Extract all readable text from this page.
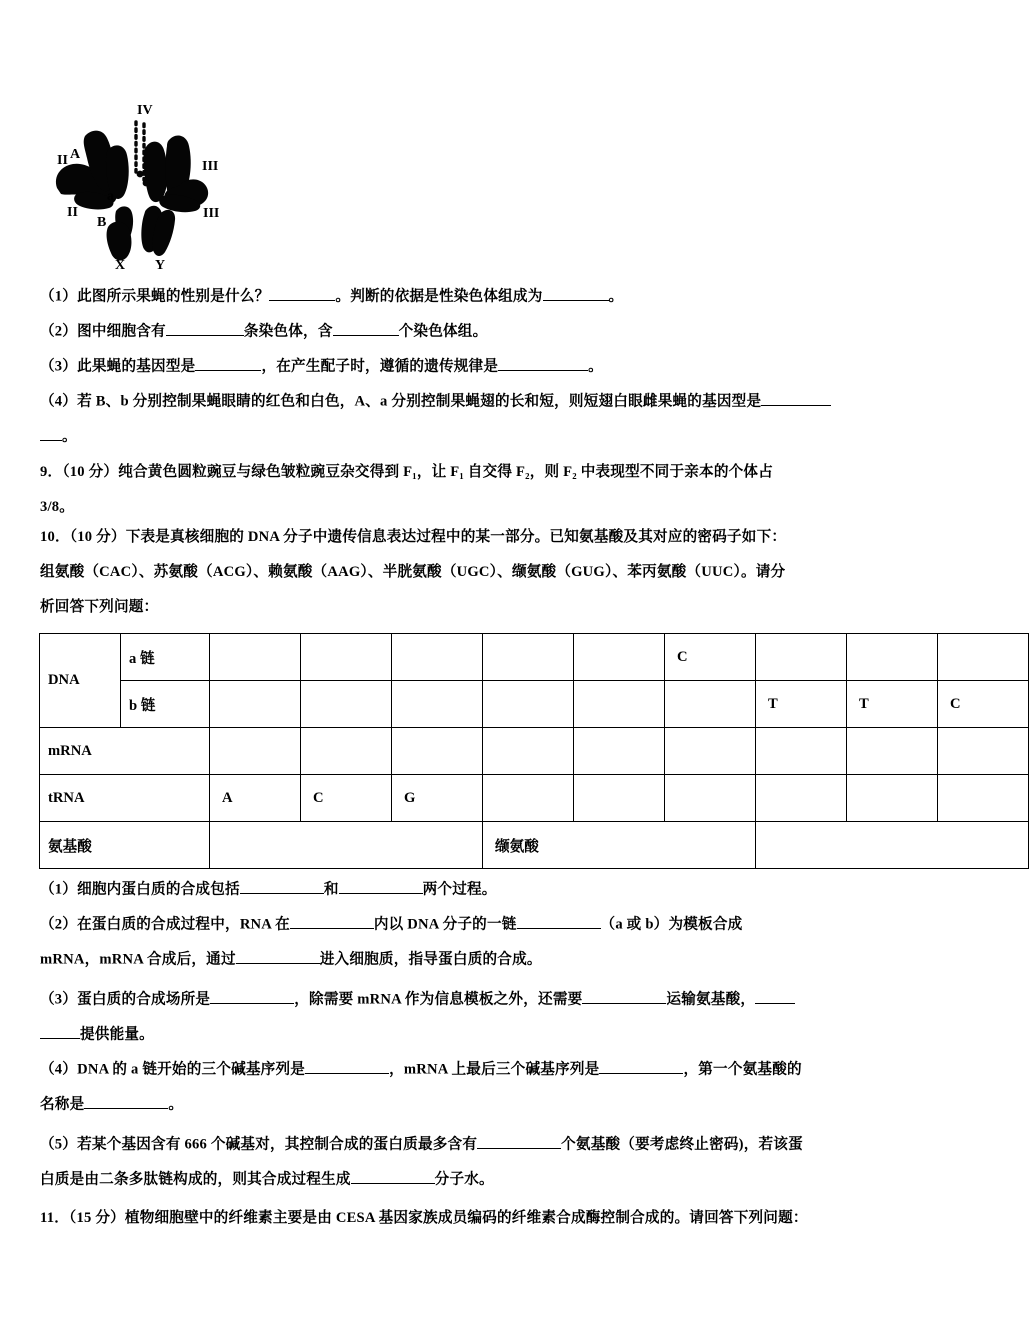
IV
II
II
III
III
A
a
B
X Y
（1）此图所示果蝇的性别是什么？	。判断的依据是性染色体组成为	。
（2）图中细胞含有	条染色体，含	个染色体组。
（3）此果蝇的基因型是	，在产生配子时，遵循的遗传规律是	。
（4）若 B、b 分别控制果蝇眼睛的红色和白色，A、a 分别控制果蝇翅的长和短，则短翅白眼雌果蝇的基因型是
。
9．（10 分）纯合黄色圆粒豌豆与绿色皱粒豌豆杂交得到 F₁，让 F₁ 自交得 F₂，则 F₂ 中表现型不同于亲本的个体占
3/8。
10．（10 分）下表是真核细胞的 DNA 分子中遗传信息表达过程中的某一部分。已知氨基酸及其对应的密码子如下：
组氨酸（CAC）、苏氨酸（ACG）、赖氨酸（AAG）、半胱氨酸（UGC）、缬氨酸（GUG）、苯丙氨酸（UUC）。请分
析回答下列问题：
DNA	a 链						C			
	b 链							T	T	C
mRNA										
tRNA		A	C	G						
氨基酸					缬氨酸					
（1）细胞内蛋白质的合成包括	和	两个过程。
（2）在蛋白质的合成过程中，RNA 在	内以 DNA 分子的一链	（a 或 b）为模板合成
mRNA，mRNA 合成后，通过	进入细胞质，指导蛋白质的合成。
（3）蛋白质的合成场所是	，除需要 mRNA 作为信息模板之外，还需要	运输氨基酸，
提供能量。
（4）DNA 的 a 链开始的三个碱基序列是	，mRNA 上最后三个碱基序列是	，第一个氨基酸的
名称是	。
（5）若某个基因含有 666 个碱基对，其控制合成的蛋白质最多含有	个氨基酸（要考虑终止密码)，若该蛋
白质是由二条多肽链构成的，则其合成过程生成	分子水。
11．（15 分）植物细胞壁中的纤维素主要是由 CESA 基因家族成员编码的纤维素合成酶控制合成的。请回答下列问题：
